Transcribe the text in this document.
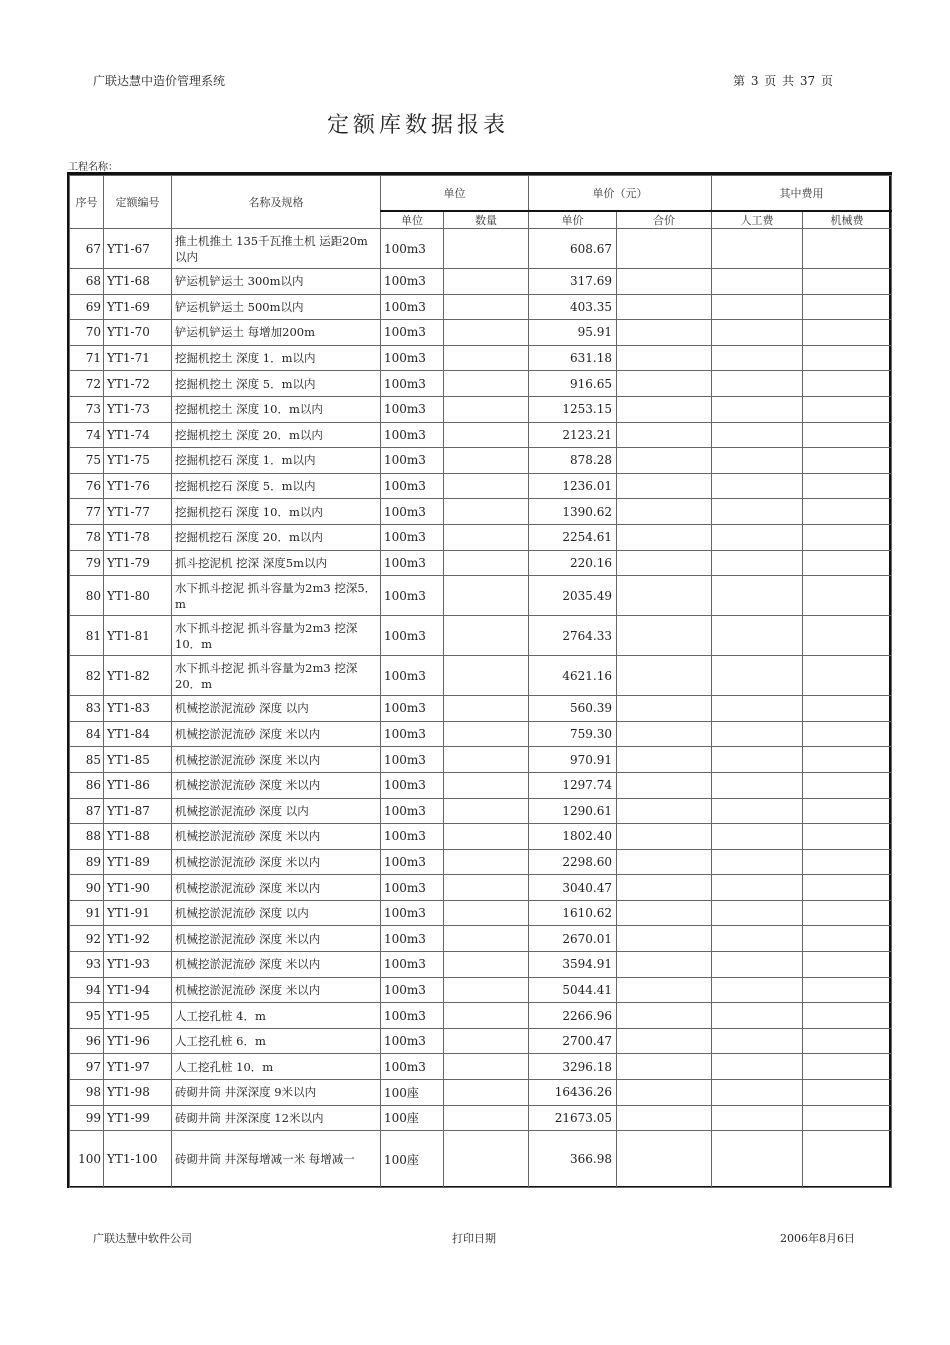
广联达慧中造价管理系统	第 3 页 共 37 页
定额库数据报表
工程名称：
序号	定额编号	名称及规格	单位		单价（元）		其中费用	
			单位	数量	单价	合价	人工费	机械费
67	YT1-67	推土机推土 135千瓦推土机 运距20m以内	100m3		608.67			
68	YT1-68	铲运机铲运土 300m以内	100m3		317.69			
69	YT1-69	铲运机铲运土 500m以内	100m3		403.35			
70	YT1-70	铲运机铲运土 每增加200m	100m3		95.91			
71	YT1-71	挖掘机挖土 深度 1．m以内	100m3		631.18			
72	YT1-72	挖掘机挖土 深度 5．m以内	100m3		916.65			
73	YT1-73	挖掘机挖土 深度 10．m以内	100m3		1253.15			
74	YT1-74	挖掘机挖土 深度 20．m以内	100m3		2123.21			
75	YT1-75	挖掘机挖石 深度 1．m以内	100m3		878.28			
76	YT1-76	挖掘机挖石 深度 5．m以内	100m3		1236.01			
77	YT1-77	挖掘机挖石 深度 10．m以内	100m3		1390.62			
78	YT1-78	挖掘机挖石 深度 20．m以内	100m3		2254.61			
79	YT1-79	抓斗挖泥机 挖深 深度5m以内	100m3		220.16			
80	YT1-80	水下抓斗挖泥 抓斗容量为2m3 挖深5．m	100m3		2035.49			
81	YT1-81	水下抓斗挖泥 抓斗容量为2m3 挖深10．m	100m3		2764.33			
82	YT1-82	水下抓斗挖泥 抓斗容量为2m3 挖深20．m	100m3		4621.16			
83	YT1-83	机械挖淤泥流砂 深度 以内	100m3		560.39			
84	YT1-84	机械挖淤泥流砂 深度 米以内	100m3		759.30			
85	YT1-85	机械挖淤泥流砂 深度 米以内	100m3		970.91			
86	YT1-86	机械挖淤泥流砂 深度 米以内	100m3		1297.74			
87	YT1-87	机械挖淤泥流砂 深度 以内	100m3		1290.61			
88	YT1-88	机械挖淤泥流砂 深度 米以内	100m3		1802.40			
89	YT1-89	机械挖淤泥流砂 深度 米以内	100m3		2298.60			
90	YT1-90	机械挖淤泥流砂 深度 米以内	100m3		3040.47			
91	YT1-91	机械挖淤泥流砂 深度 以内	100m3		1610.62			
92	YT1-92	机械挖淤泥流砂 深度 米以内	100m3		2670.01			
93	YT1-93	机械挖淤泥流砂 深度 米以内	100m3		3594.91			
94	YT1-94	机械挖淤泥流砂 深度 米以内	100m3		5044.41			
95	YT1-95	人工挖孔桩 4．m	100m3		2266.96			
96	YT1-96	人工挖孔桩 6．m	100m3		2700.47			
97	YT1-97	人工挖孔桩 10．m	100m3		3296.18			
98	YT1-98	砖砌井筒 井深深度 9米以内	100座		16436.26			
99	YT1-99	砖砌井筒 井深深度 12米以内	100座		21673.05			
100	YT1-100	砖砌井筒 井深每增减一米 每增减一	100座		366.98			
广联达慧中软件公司	打印日期	2006年8月6日
